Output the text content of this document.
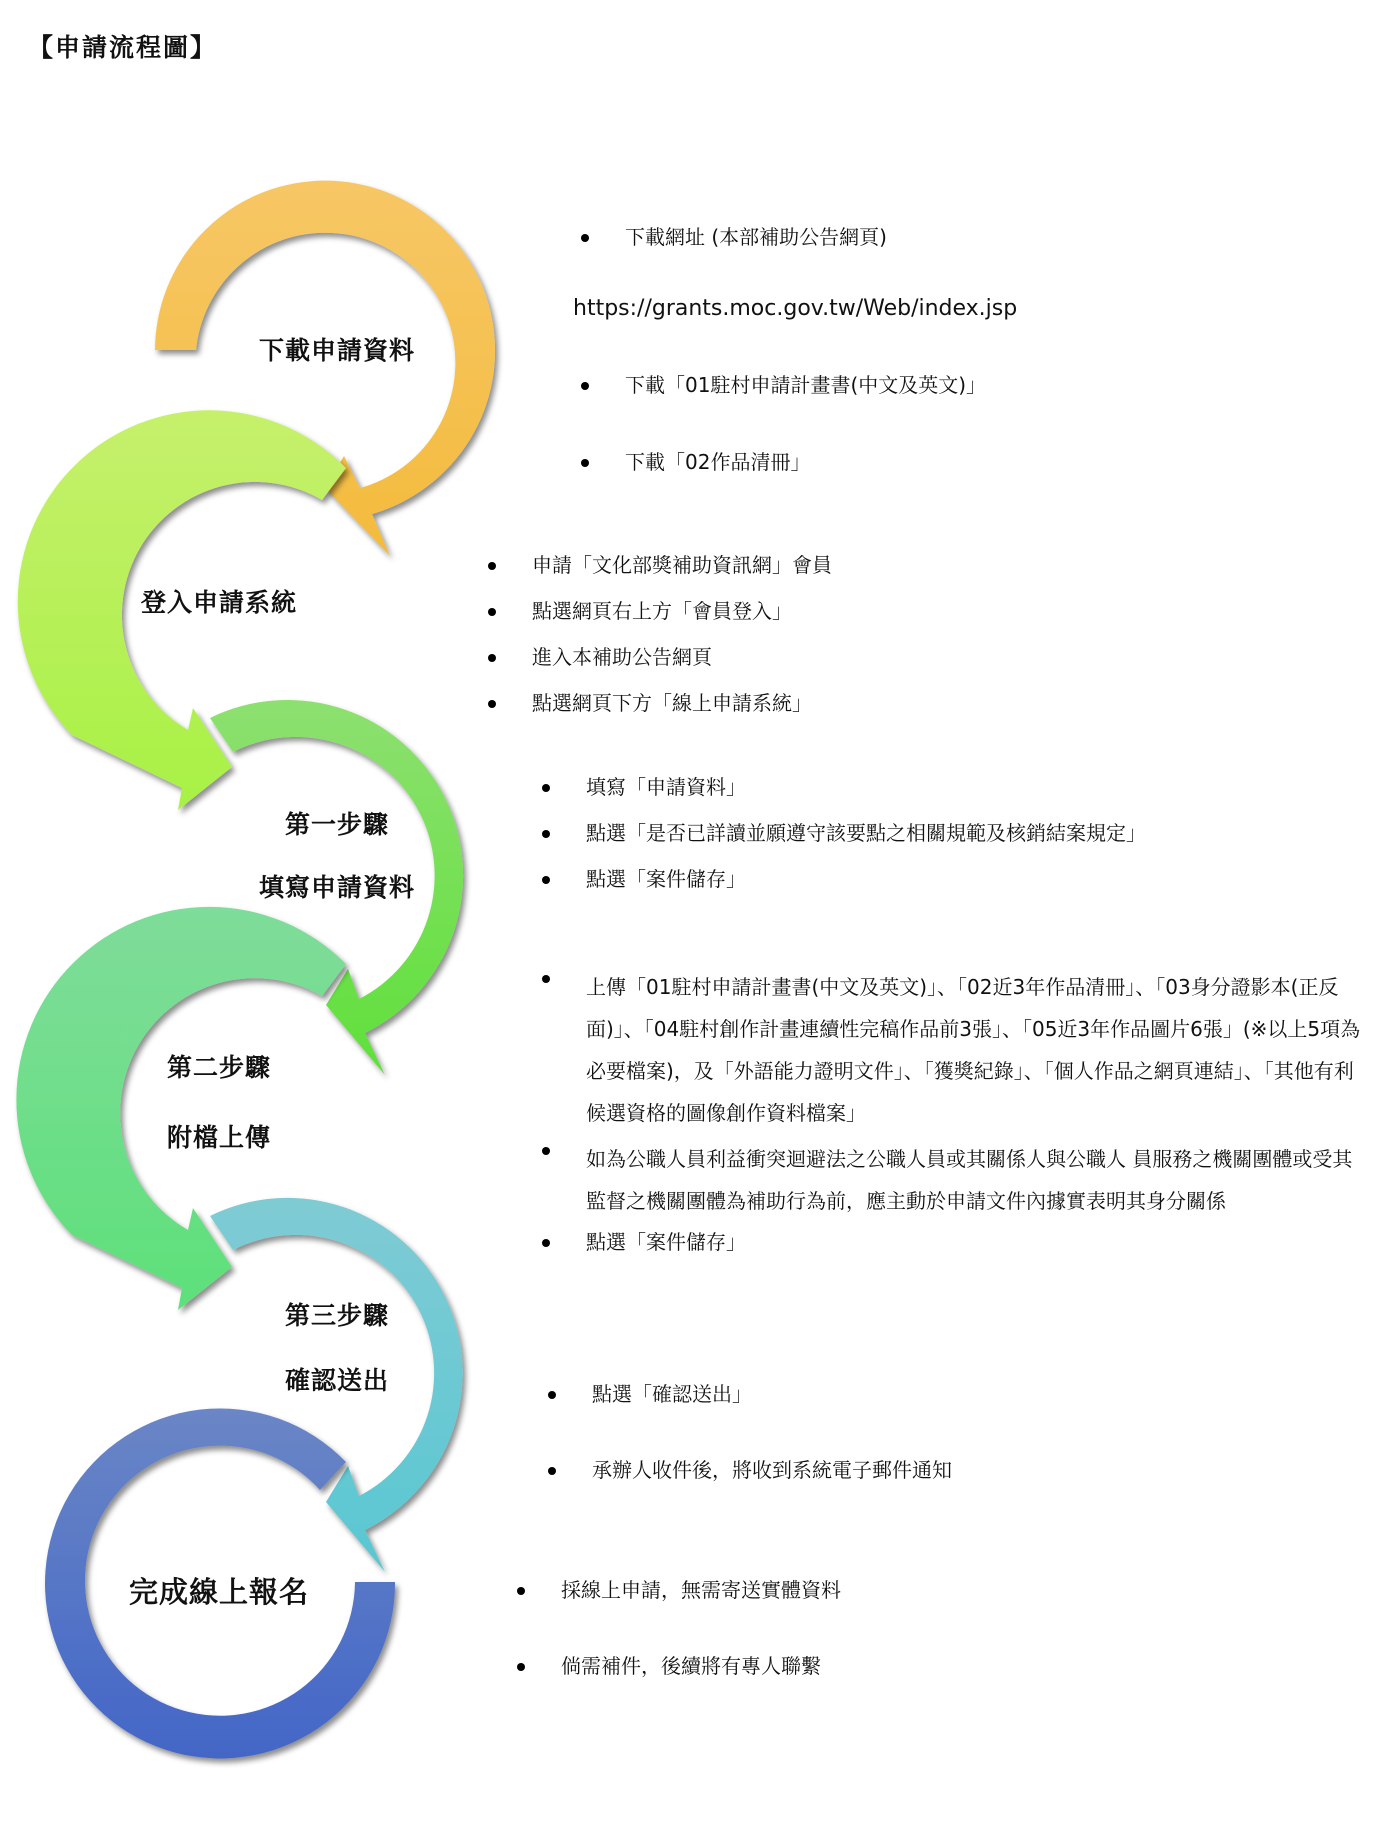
【申請流程圖】
下載申請資料
登入申請系統
第一步驟
填寫申請資料
第二步驟
附檔上傳
第三步驟
確認送出
完成線上報名
下載網址 (本部補助公告網頁)
https://grants.moc.gov.tw/Web/index.jsp
下載「01駐村申請計畫書(中文及英文)」
下載「02作品清冊」
申請「文化部獎補助資訊網」會員
點選網頁右上方「會員登入」
進入本補助公告網頁
點選網頁下方「線上申請系統」
填寫「申請資料」
點選「是否已詳讀並願遵守該要點之相關規範及核銷結案規定」
點選「案件儲存」
上傳「01駐村申請計畫書(中文及英文)」、「02近3年作品清冊」、「03身分證影本(正反面)」、「04駐村創作計畫連續性完稿作品前3張」、「05近3年作品圖片6張」(※以上5項為必要檔案)，及「外語能力證明文件」、「獲獎紀錄」、「個人作品之網頁連結」、「其他有利候選資格的圖像創作資料檔案」
如為公職人員利益衝突迴避法之公職人員或其關係人與公職人 員服務之機關團體或受其監督之機關團體為補助行為前，應主動於申請文件內據實表明其身分關係
點選「案件儲存」
點選「確認送出」
承辦人收件後，將收到系統電子郵件通知
採線上申請，無需寄送實體資料
倘需補件，後續將有專人聯繫
